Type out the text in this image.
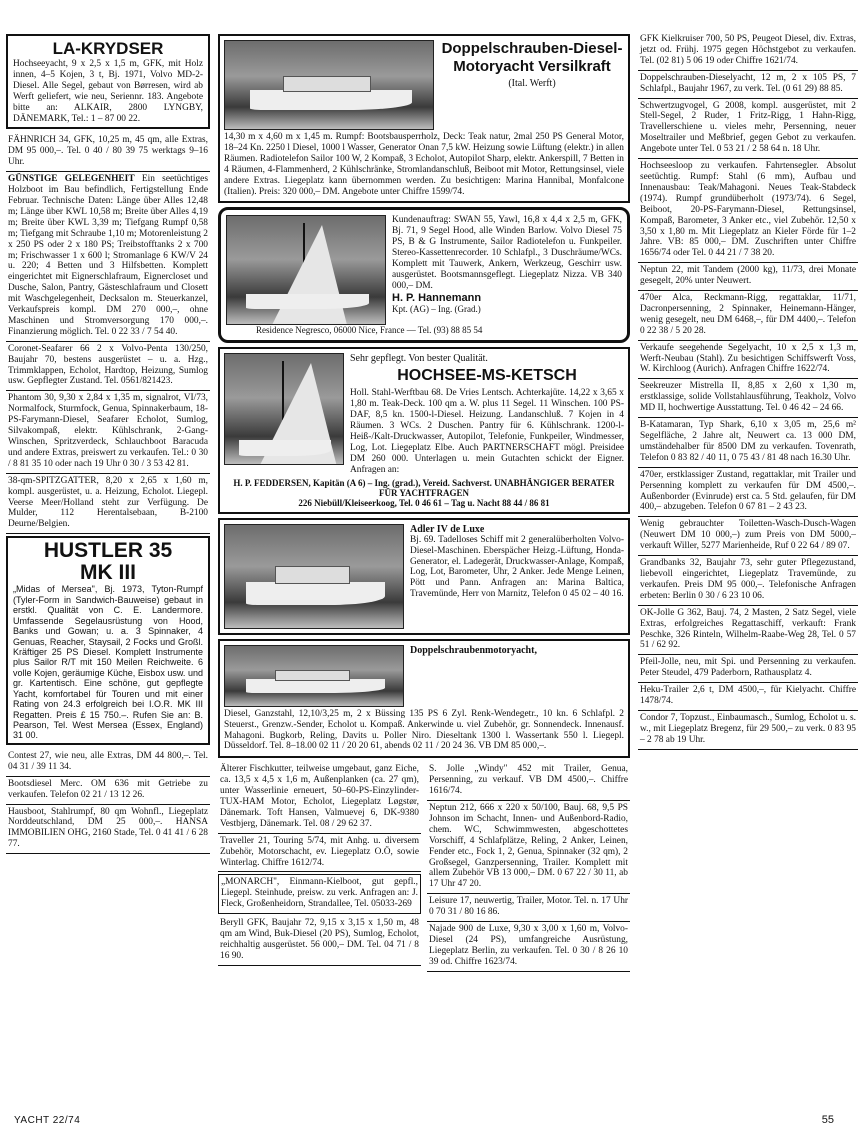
LA-KRYDSER
Hochseeyacht, 9 x 2,5 x 1,5 m, GFK, mit Holz innen, 4–5 Kojen, 3 t, Bj. 1971, Volvo MD-2-Diesel. Alle Segel, gebaut von Børresen, wird ab Werft geliefert, wie neu, Seriennr. 183. Angebote bitte an: ALKAIR, 2800 LYNGBY, DÄNEMARK, Tel.: 1 – 87 00 22.
FÄHNRICH 34, GFK, 10,25 m, 45 qm, alle Extras, DM 95 000,–. Tel. 0 40 / 80 39 75 werktags 9–16 Uhr.
GÜNSTIGE GELEGENHEIT Ein seetüchtiges Holzboot im Bau befindlich, Fertigstellung Ende Februar. Technische Daten: Länge über Alles 12,48 m; Länge über KWL 10,58 m; Breite über Alles 4,19 m; Breite über KWL 3,39 m; Tiefgang Rumpf 0,58 m; Tiefgang mit Schraube 1,10 m; Motorenleistung 2 x 250 PS oder 2 x 180 PS; Treibstofftanks 2 x 700 m; Frischwasser 1 x 600 l; Stromanlage 6 KW/V 24 u. 220; 4 Betten und 3 Hilfsbetten. Komplett eingerichtet mit Eignerschlafraum, Eignercloset und Dusche, Salon, Pantry, Gästeschlafraum und Closett mit Waschgelegenheit, Decksalon m. Steuerkanzel, Verkaufspreis kompl. DM 270 000,–, ohne Maschinen und Stromversorgung 170 000,–. Finanzierung möglich. Tel. 0 22 33 / 7 54 40.
Coronet-Seafarer 66 2 x Volvo-Penta 130/250, Baujahr 70, bestens ausgerüstet – u. a. Hzg., Trimmklappen, Echolot, Hardtop, Heizung, Sumlog usw. Gepflegter Zustand. Tel. 0561/821423.
Phantom 30, 9,30 x 2,84 x 1,35 m, signalrot, VI/73, Normalfock, Sturmfock, Genua, Spinnakerbaum, 18-PS-Farymann-Diesel, Seafarer Echolot, Sumlog, Silvakompaß, elektr. Kühlschrank, 2-Gang-Winschen, Spritzverdeck, Schlauchboot Baracuda und andere Extras, preiswert zu verkaufen. Tel.: 0 30 / 8 81 35 10 oder nach 19 Uhr 0 30 / 3 53 42 81.
38-qm-SPITZGATTER, 8,20 x 2,65 x 1,60 m, kompl. ausgerüstet, u. a. Heizung, Echolot. Liegepl. Veerse Meer/Holland steht zur Verfügung. De Mulder, 112 Herentalsebaan, B-2100 Deurne/Belgien.
HUSTLER 35
MK III
„Midas of Mersea", Bj. 1973, Tyton-Rumpf (Tyler-Form in Sandwich-Bauweise) gebaut in erstkl. Qualität von C. E. Landermore. Umfassende Segelausrüstung von Hood, Banks und Gowan; u. a. 3 Spinnaker, 4 Genuas, Reacher, Staysail, 2 Focks und Großl. Kräftiger 25 PS Diesel. Komplett Instrumente plus Sailor R/T mit 150 Meilen Reichweite. 6 volle Kojen, geräumige Küche, Eisbox usw. und gr. Kartentisch. Eine schöne, gut gepflegte Yacht, komfortabel für Touren und mit einer Rating von 24.3 erfolgreich bei I.O.R. MK III Regatten. Preis £ 15 750.–. Rufen Sie an: B. Pearson, Tel. West Mersea (Essex, England) 31 00.
Contest 27, wie neu, alle Extras, DM 44 800,–. Tel. 04 31 / 39 11 34.
Bootsdiesel Merc. OM 636 mit Getriebe zu verkaufen. Telefon 02 21 / 13 12 26.
Hausboot, Stahlrumpf, 80 qm Wohnfl., Liegeplatz Norddeutschland, DM 25 000,–. HANSA IMMOBILIEN OHG, 2160 Stade, Tel. 0 41 41 / 6 28 77.
Doppelschrauben-Diesel-Motoryacht Versilkraft
(Ital. Werft)
14,30 m x 4,60 m x 1,45 m. Rumpf: Bootsbausperrholz, Deck: Teak natur, 2mal 250 PS General Motor, 18–24 Kn. 2250 l Diesel, 1000 l Wasser, Generator Onan 7,5 kW. Heizung sowie Lüftung (elektr.) in allen Räumen. Radiotelefon Sailor 100 W, 2 Kompaß, 3 Echolot, Autopilot Sharp, elektr. Ankerspill, 7 Betten in 4 Räumen, 4-Flammenherd, 2 Kühlschränke, Stromlandanschluß, Beiboot mit Motor, Rettungsinsel, viele andere Extras. Liegeplatz kann übernommen werden. Zu besichtigen: Marina Hannibal, Monfalcone (Italien). Preis: 320 000,– DM. Angebote unter Chiffre 1599/74.
Kundenauftrag: SWAN 55, Yawl, 16,8 x 4,4 x 2,5 m, GFK, Bj. 71, 9 Segel Hood, alle Winden Barlow. Volvo Diesel 75 PS, B & G Instrumente, Sailor Radiotelefon u. Funkpeiler. Stereo-Kassettenrecorder. 10 Schlafpl., 3 Duschräume/WCs. Komplett mit Tauwerk, Ankern, Werkzeug, Geschirr usw. ausgerüstet. Bootsmannsgeflegt. Liegeplatz Nizza. VB 340 000,– DM.
H. P. Hannemann
Kpt. (AG) – Ing. (Grad.)
Residence Negresco, 06000 Nice, France — Tel. (93) 88 85 54
Sehr gepflegt. Von bester Qualität.
HOCHSEE-MS-KETSCH
Holl. Stahl-Werftbau 68. De Vries Lentsch. Achterkajüte. 14,22 x 3,65 x 1,80 m. Teak-Deck. 100 qm a. W. plus 11 Segel. 11 Winschen. 100 PS-DAF, 8,5 kn. 1500-l-Diesel. Heizung. Landanschluß. 7 Kojen in 4 Räumen. 3 WCs. 2 Duschen. Pantry für 6. Kühlschrank. 1200-l-Heiß-/Kalt-Druckwasser, Autopilot, Telefonie, Funkpeiler, Windmesser, Log, Lot. Liegeplatz Elbe. Auch PARTNERSCHAFT mögl. Preisidee DM 260 000. Unterlagen u. mein Gutachten schickt der Eigner. Anfragen an:
H. P. FEDDERSEN, Kapitän (A 6) – Ing. (grad.), Vereid. Sachverst. UNABHÄNGIGER BERATER FÜR YACHTFRAGEN
226 Niebüll/Kleiseerkoog, Tel. 0 46 61 – Tag u. Nacht 88 44 / 86 81
Adler IV de Luxe
Bj. 69. Tadelloses Schiff mit 2 generalüberholten Volvo-Diesel-Maschinen. Eberspächer Heizg.-Lüftung, Honda-Generator, el. Ladegerät, Druckwasser-Anlage, Kompaß, Log, Lot, Barometer, Uhr, 2 Anker. Jede Menge Leinen, Pött und Pann. Anfragen an: Marina Baltica, Travemünde, Herr von Marnitz, Telefon 0 45 02 – 40 16.
Doppelschraubenmotoryacht,
Diesel, Ganzstahl, 12,10/3,25 m, 2 x Büssing 135 PS 6 Zyl. Renk-Wendegetr., 10 kn. 6 Schlafpl. 2 Steuerst., Grenzw.-Sender, Echolot u. Kompaß. Ankerwinde u. viel Zubehör, gr. Sonnendeck. Innenausf. Mahagoni. Bugkorb, Reling, Davits u. Poller Niro. Dieseltank 1300 l. Wassertank 550 l. Liegepl. Düsseldorf. Tel. 8–18.00 02 11 / 20 20 61, abends 02 11 / 20 24 36. VB DM 85 000,–.
Älterer Fischkutter, teilweise umgebaut, ganz Eiche, ca. 13,5 x 4,5 x 1,6 m, Außenplanken (ca. 27 qm), unter Wasserlinie erneuert, 50–60-PS-Einzylinder-TUX-HAM Motor, Echolot, Liegeplatz Løgstør, Dänemark. Toft Hansen, Valmuevej 6, DK-9380 Vestbjerg, Dänemark. Tel. 08 / 29 62 37.
Traveller 21, Touring 5/74, mit Anhg. u. diversem Zubehör, Motorschacht, ev. Liegeplatz O.Ö, sowie Winterlag. Chiffre 1612/74.
„MONARCH", Einmann-Kielboot, gut gepfl., Liegepl. Steinhude, preisw. zu verk. Anfragen an: J. Fleck, Großenheidorn, Strandallee, Tel. 05033-269
Beryll GFK, Baujahr 72, 9,15 x 3,15 x 1,50 m, 48 qm am Wind, Buk-Diesel (20 PS), Sumlog, Echolot, reichhaltig ausgerüstet. 56 000,– DM. Tel. 04 71 / 8 16 90.
S. Jolle „Windy" 452 mit Trailer, Genua, Persenning, zu verkauf. VB DM 4500,–. Chiffre 1616/74.
Neptun 212, 666 x 220 x 50/100, Bauj. 68, 9,5 PS Johnson im Schacht, Innen- und Außenbord-Radio, chem. WC, Schwimmwesten, abgeschottetes Vorschiff, 4 Schlafplätze, Reling, 2 Anker, Leinen, Fender etc., Fock 1, 2, Genua, Spinnaker (32 qm), 2 Großsegel, Ganzpersenning, Trailer. Komplett mit allem Zubehör VB 13 000,– DM. 0 67 22 / 30 11, ab 17 Uhr 47 20.
Leisure 17, neuwertig, Trailer, Motor. Tel. n. 17 Uhr 0 70 31 / 80 16 86.
Najade 900 de Luxe, 9,30 x 3,00 x 1,60 m, Volvo-Diesel (24 PS), umfangreiche Ausrüstung, Liegeplatz Berlin, zu verkaufen. Tel. 0 30 / 8 26 10 39 od. Chiffre 1623/74.
GFK Kielkruiser 700, 50 PS, Peugeot Diesel, div. Extras, jetzt od. Frühj. 1975 gegen Höchstgebot zu verkaufen. Tel. (02 81) 5 06 19 oder Chiffre 1621/74.
Doppelschrauben-Dieselyacht, 12 m, 2 x 105 PS, 7 Schlafpl., Baujahr 1967, zu verk. Tel. (0 61 29) 88 85.
Schwertzugvogel, G 2008, kompl. ausgerüstet, mit 2 Stell-Segel, 2 Ruder, 1 Fritz-Rigg, 1 Hahn-Rigg, Travellerschiene u. vieles mehr, Persenning, neuer Moseltrailer und Meßbrief, gegen Gebot zu verkaufen. Angebote unter Tel. 0 53 21 / 2 58 64 n. 18 Uhr.
Hochseesloop zu verkaufen. Fahrtensegler. Absolut seetüchtig. Rumpf: Stahl (6 mm), Aufbau und Innenausbau: Teak/Mahagoni. Neues Teak-Stabdeck (1974). Rumpf grundüberholt (1973/74). 6 Segel, Beiboot, 20-PS-Farymann-Diesel, Rettungsinsel, Kompaß, Barometer, 3 Anker etc., viel Zubehör. 12,50 x 3,50 x 1,80 m. Mit Liegeplatz an Kieler Förde für 1–2 Jahre. VB: 85 000,– DM. Zuschriften unter Chiffre 1656/74 oder Tel. 0 44 21 / 7 38 20.
Neptun 22, mit Tandem (2000 kg), 11/73, drei Monate gesegelt, 20% unter Neuwert.
470er Alca, Reckmann-Rigg, regattaklar, 11/71, Dacronpersenning, 2 Spinnaker, Heinemann-Hänger, wenig gesegelt, neu DM 6468,–, für DM 4400,–. Telefon 0 22 38 / 5 20 28.
Verkaufe seegehende Segelyacht, 10 x 2,5 x 1,3 m, Werft-Neubau (Stahl). Zu besichtigen Schiffswerft Voss, W. Kirchloog (Aurich). Anfragen Chiffre 1622/74.
Seekreuzer Mistrella II, 8,85 x 2,60 x 1,30 m, erstklassige, solide Vollstahlausführung, Teakholz, Volvo MD II, hochwertige Ausstattung. Tel. 0 46 42 – 24 66.
B-Katamaran, Typ Shark, 6,10 x 3,05 m, 25,6 m² Segelfläche, 2 Jahre alt, Neuwert ca. 13 000 DM, umständehalber für 8500 DM zu verkaufen. Tovenrath, Telefon 0 83 82 / 40 11, 0 75 43 / 81 48 nach 16.30 Uhr.
470er, erstklassiger Zustand, regattaklar, mit Trailer und Persenning komplett zu verkaufen für DM 4500,–. Außenborder (Evinrude) erst ca. 5 Std. gelaufen, für DM 400,– abzugeben. Telefon 0 67 81 – 2 43 23.
Wenig gebrauchter Toiletten-Wasch-Dusch-Wagen (Neuwert DM 10 000,–) zum Preis von DM 5000,– verkauft Willer, 5277 Marienheide, Ruf 0 22 64 / 89 07.
Grandbanks 32, Baujahr 73, sehr guter Pflegezustand, liebevoll eingerichtet, Liegeplatz Travemünde, zu verkaufen. Preis DM 95 000,–. Telefonische Anfragen erbeten: Berlin 0 30 / 6 23 10 06.
OK-Jolle G 362, Bauj. 74, 2 Masten, 2 Satz Segel, viele Extras, erfolgreiches Regattaschiff, verkauft: Frank Peschke, 326 Rinteln, Wilhelm-Raabe-Weg 28, Tel. 0 57 51 / 62 92.
Pfeil-Jolle, neu, mit Spi. und Persenning zu verkaufen. Peter Steudel, 479 Paderborn, Rathausplatz 4.
Heku-Trailer 2,6 t, DM 4500,–, für Kielyacht. Chiffre 1478/74.
Condor 7, Topzust., Einbaumasch., Sumlog, Echolot u. s. w., mit Liegeplatz Bregenz, für 29 500,– zu verk. 0 83 95 – 2 78 ab 19 Uhr.
YACHT 22/74	55
